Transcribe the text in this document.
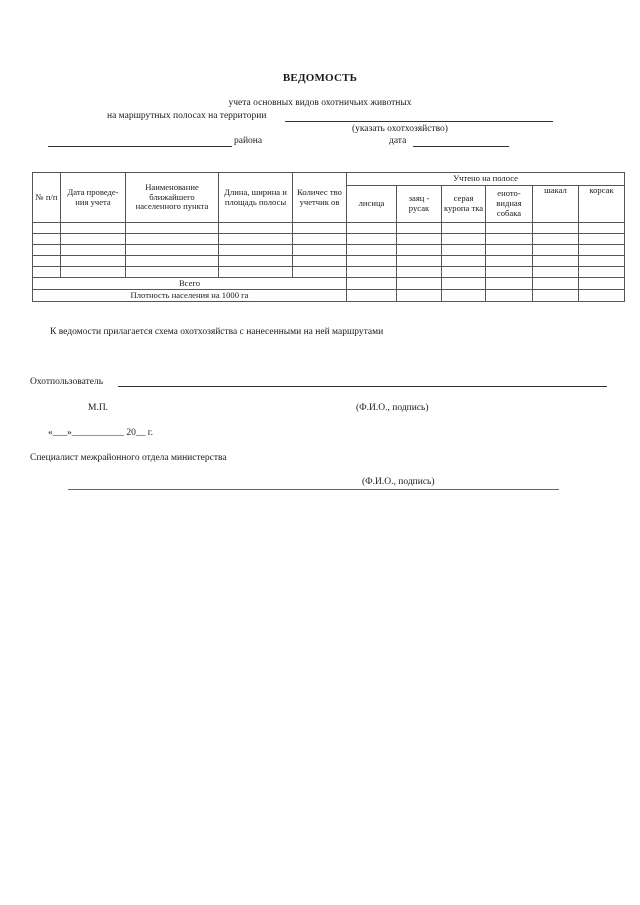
ВЕДОМОСТЬ
учета основных видов охотничьих животных
на маршрутных полосах на территории
(указать охотхозяйство)
района	дата
№ п/п	Дата проведе- ния учета	Наименование ближайшего населенного пункта	Длина, ширина и площадь полосы	Количес тво учетчик ов	Учтено на полосе					
					лисица	заяц - русак	серая куропа тка	еното- видная собака	шакал	корсак

Всего										
Плотность населения на 1000 га										
К ведомости прилагается схема охотхозяйства с нанесенными на ней маршрутами
Охотпользователь
М.П.	(Ф.И.О., подпись)
«___»___________ 20__ г.
Специалист межрайонного отдела министерства
(Ф.И.О., подпись)
